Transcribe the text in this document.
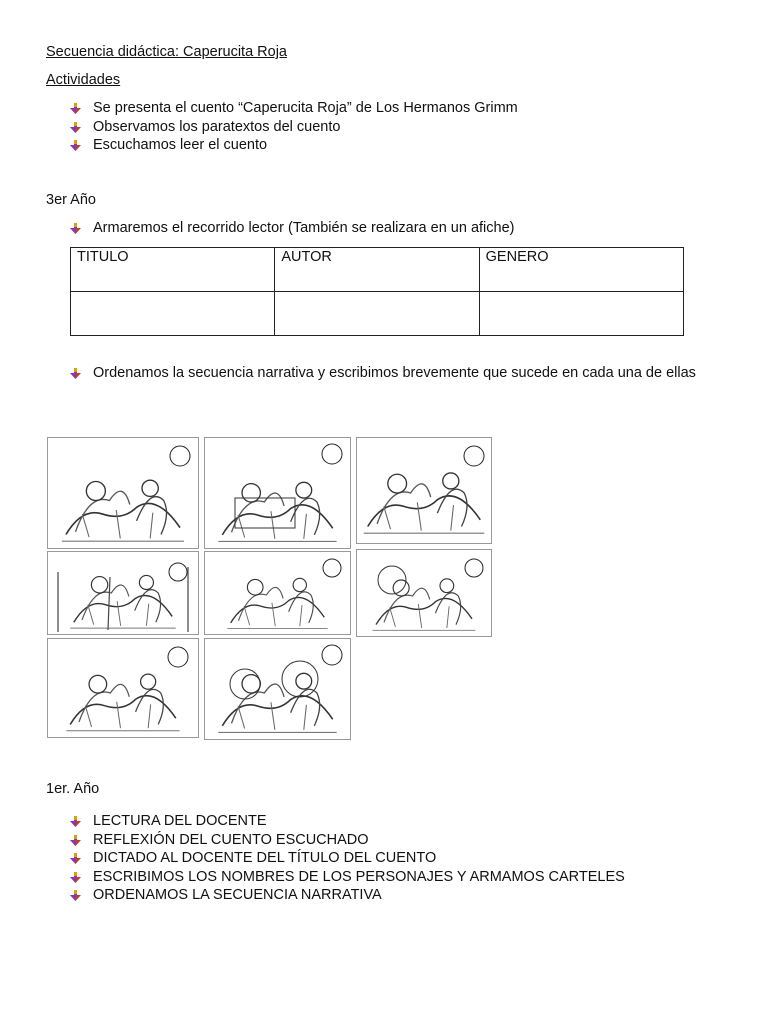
Secuencia didáctica: Caperucita Roja
Actividades
Se presenta el cuento “Caperucita Roja” de Los Hermanos Grimm
Observamos los paratextos del cuento
Escuchamos leer el cuento
3er Año
Armaremos el recorrido lector (También se realizara en un afiche)
TITULO	AUTOR	GENERO

Ordenamos la secuencia narrativa y escribimos brevemente que sucede en cada una de ellas
1er. Año
LECTURA DEL DOCENTE
REFLEXIÓN DEL CUENTO ESCUCHADO
DICTADO AL DOCENTE DEL TÍTULO DEL CUENTO
ESCRIBIMOS LOS NOMBRES DE LOS PERSONAJES Y ARMAMOS CARTELES
ORDENAMOS LA SECUENCIA NARRATIVA
